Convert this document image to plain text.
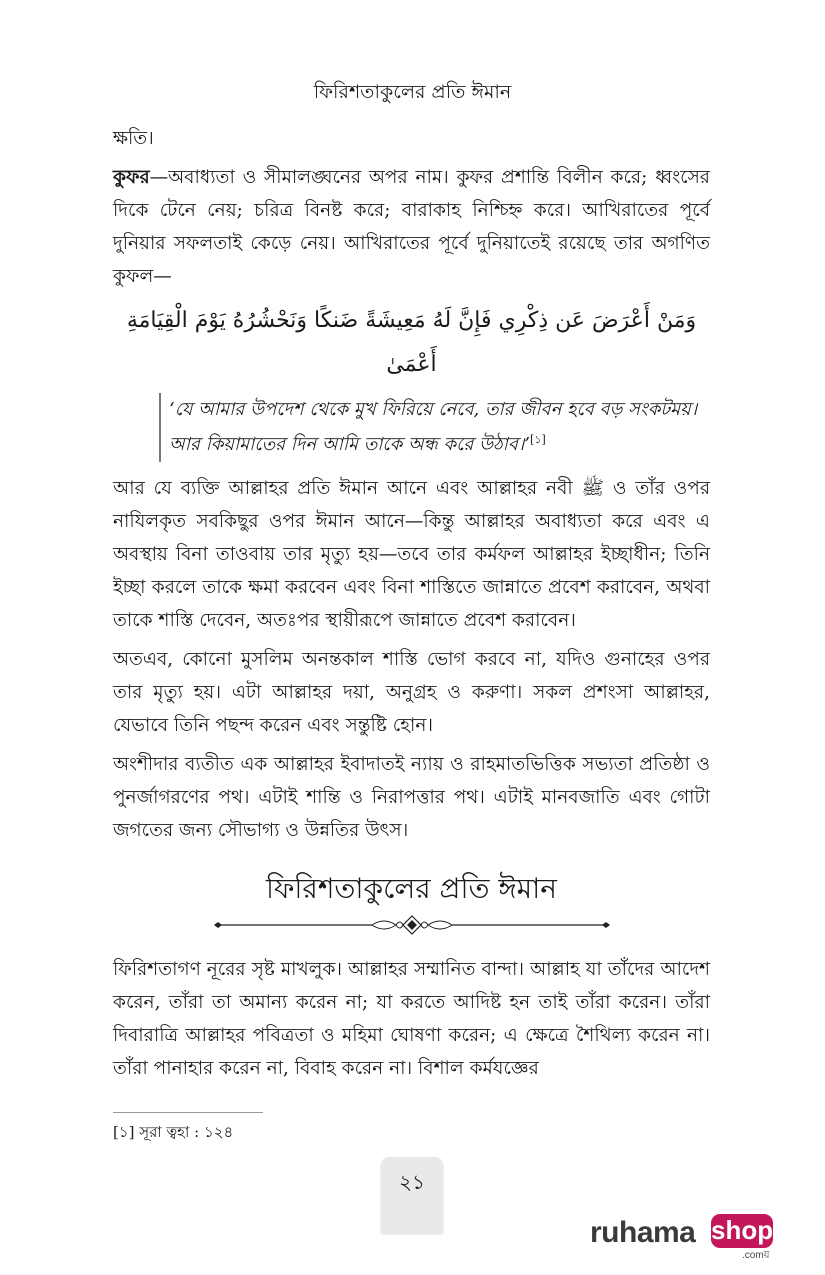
ফিরিশতাকুলের প্রতি ঈমান

ক্ষতি।

কুফর—অবাধ্যতা ও সীমালঙ্ঘনের অপর নাম। কুফর প্রশান্তি বিলীন করে; ধ্বংসের দিকে টেনে নেয়; চরিত্র বিনষ্ট করে; বারাকাহ নিশ্চিহ্ন করে। আখিরাতের পূর্বে দুনিয়ার সফলতাই কেড়ে নেয়। আখিরাতের পূর্বে দুনিয়াতেই রয়েছে তার অগণিত কুফল—

وَمَنْ أَعْرَضَ عَن ذِكْرِي فَإِنَّ لَهُ مَعِيشَةً ضَنكًا وَنَحْشُرُهُ يَوْمَ الْقِيَامَةِ أَعْمَىٰ
‘যে আমার উপদেশ থেকে মুখ ফিরিয়ে নেবে, তার জীবন হবে বড় সংকটময়।
আর কিয়ামাতের দিন আমি তাকে অন্ধ করে উঠাব।’[১]

আর যে ব্যক্তি আল্লাহর প্রতি ঈমান আনে এবং আল্লাহর নবী ﷺ ও তাঁর ওপর নাযিলকৃত সবকিছুর ওপর ঈমান আনে—কিন্তু আল্লাহর অবাধ্যতা করে এবং এ অবস্থায় বিনা তাওবায় তার মৃত্যু হয়—তবে তার কর্মফল আল্লাহর ইচ্ছাধীন; তিনি ইচ্ছা করলে তাকে ক্ষমা করবেন এবং বিনা শাস্তিতে জান্নাতে প্রবেশ করাবেন, অথবা তাকে শাস্তি দেবেন, অতঃপর স্থায়ীরূপে জান্নাতে প্রবেশ করাবেন।

অতএব, কোনো মুসলিম অনন্তকাল শাস্তি ভোগ করবে না, যদিও গুনাহের ওপর তার মৃত্যু হয়। এটা আল্লাহর দয়া, অনুগ্রহ ও করুণা। সকল প্রশংসা আল্লাহর, যেভাবে তিনি পছন্দ করেন এবং সন্তুষ্টি হোন।

অংশীদার ব্যতীত এক আল্লাহর ইবাদাতই ন্যায় ও রাহমাতভিত্তিক সভ্যতা প্রতিষ্ঠা ও পুনর্জাগরণের পথ। এটাই শান্তি ও নিরাপত্তার পথ। এটাই মানবজাতি এবং গোটা জগতের জন্য সৌভাগ্য ও উন্নতির উৎস।

ফিরিশতাকুলের প্রতি ঈমান

ফিরিশতাগণ নূরের সৃষ্ট মাখলুক। আল্লাহর সম্মানিত বান্দা। আল্লাহ যা তাঁদের আদেশ করেন, তাঁরা তা অমান্য করেন না; যা করতে আদিষ্ট হন তাই তাঁরা করেন। তাঁরা দিবারাত্রি আল্লাহর পবিত্রতা ও মহিমা ঘোষণা করেন; এ ক্ষেত্রে শৈথিল্য করেন না। তাঁরা পানাহার করেন না, বিবাহ করেন না। বিশাল কর্মযজ্ঞের

[১] সূরা ত্বহা : ১২৪
২১
ruhama shop
.comয়
